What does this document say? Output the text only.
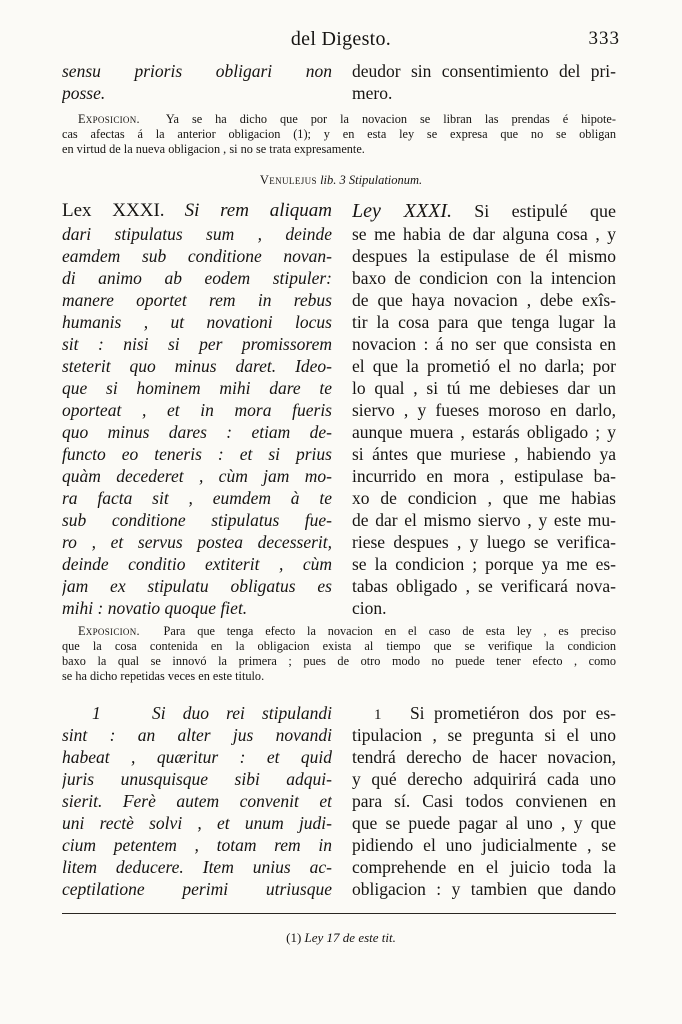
del Digesto.	333
sensu prioris obligari non
posse.
deudor sin consentimiento del pri-
mero.
Exposicion. Ya se ha dicho que por la novacion se libran las prendas é hipote-
cas afectas á la anterior obligacion (1); y en esta ley se expresa que no se obligan
en virtud de la nueva obligacion , si no se trata expresamente.
Venulejus lib. 3 Stipulationum.
Lex XXXI. Si rem aliquam
dari stipulatus sum , deinde
eamdem sub conditione novan-
di animo ab eodem stipuler:
manere oportet rem in rebus
humanis , ut novationi locus
sit : nisi si per promissorem
steterit quo minus daret. Ideo-
que si hominem mihi dare te
oporteat , et in mora fueris
quo minus dares : etiam de-
functo eo teneris : et si prius
quàm decederet , cùm jam mo-
ra facta sit , eumdem à te
sub conditione stipulatus fue-
ro , et servus postea decesserit,
deinde conditio extiterit , cùm
jam ex stipulatu obligatus es
mihi : novatio quoque fiet.
Ley XXXI. Si estipulé que
se me habia de dar alguna cosa , y
despues la estipulase de él mismo
baxo de condicion con la intencion
de que haya novacion , debe exîs-
tir la cosa para que tenga lugar la
novacion : á no ser que consista en
el que la prometió el no darla; por
lo qual , si tú me debieses dar un
siervo , y fueses moroso en darlo,
aunque muera , estarás obligado ; y
si ántes que muriese , habiendo ya
incurrido en mora , estipulase ba-
xo de condicion , que me habias
de dar el mismo siervo , y este mu-
riese despues , y luego se verifica-
se la condicion ; porque ya me es-
tabas obligado , se verificará nova-
cion.
Exposicion. Para que tenga efecto la novacion en el caso de esta ley , es preciso
que la cosa contenida en la obligacion exista al tiempo que se verifique la condicion
baxo la qual se innovó la primera ; pues de otro modo no puede tener efecto , como
se ha dicho repetidas veces en este titulo.
1	Si duo rei stipulandi
sint : an alter jus novandi
habeat , quæritur : et quid
juris unusquisque sibi adqui-
sierit. Ferè autem convenit et
uni rectè solvi , et unum judi-
cium petentem , totam rem in
litem deducere. Item unius ac-
ceptilatione perimi utriusque
1 Si prometiéron dos por es-
tipulacion , se pregunta si el uno
tendrá derecho de hacer novacion,
y qué derecho adquirirá cada uno
para sí. Casi todos convienen en
que se puede pagar al uno , y que
pidiendo el uno judicialmente , se
comprehende en el juicio toda la
obligacion : y tambien que dando
(1) Ley 17 de este tit.
